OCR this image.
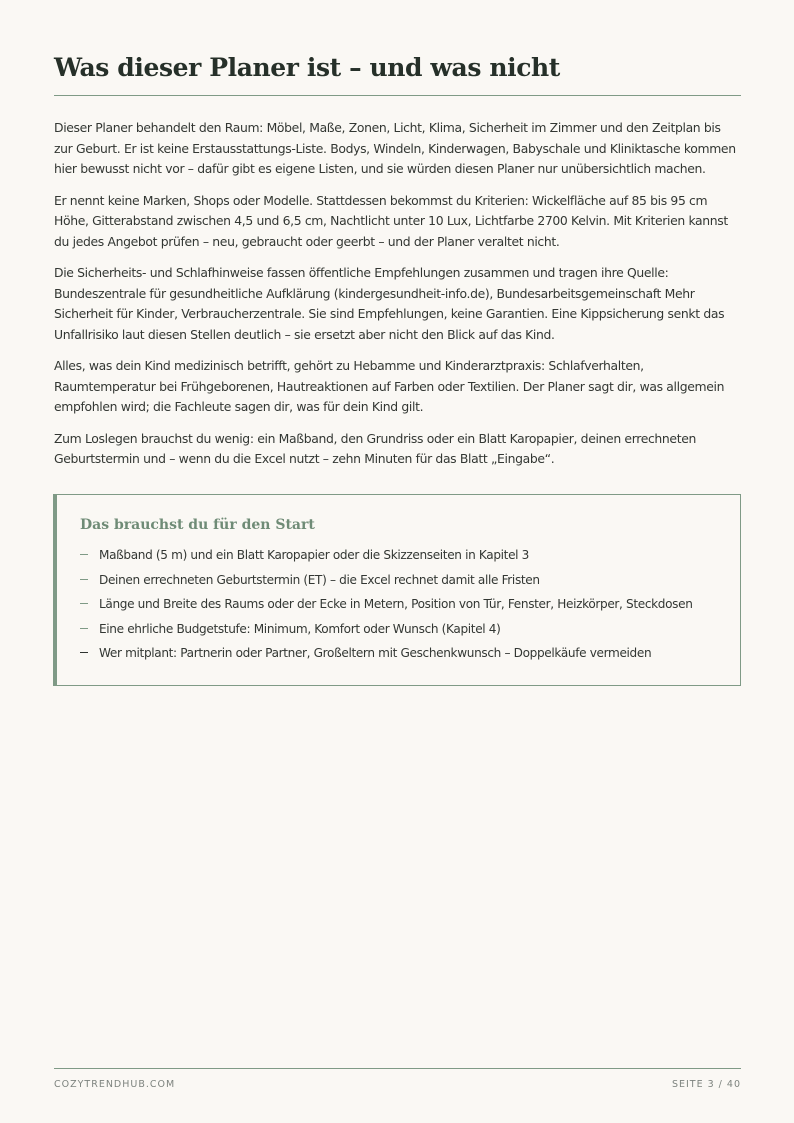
Was dieser Planer ist – und was nicht

Dieser Planer behandelt den Raum: Möbel, Maße, Zonen, Licht, Klima, Sicherheit im Zimmer und den Zeitplan bis zur Geburt. Er ist keine Erstausstattungs-Liste. Bodys, Windeln, Kinderwagen, Babyschale und Kliniktasche kommen hier bewusst nicht vor – dafür gibt es eigene Listen, und sie würden diesen Planer nur unübersichtlich machen.

Er nennt keine Marken, Shops oder Modelle. Stattdessen bekommst du Kriterien: Wickelfläche auf 85 bis 95 cm Höhe, Gitterabstand zwischen 4,5 und 6,5 cm, Nachtlicht unter 10 Lux, Lichtfarbe 2700 Kelvin. Mit Kriterien kannst du jedes Angebot prüfen – neu, gebraucht oder geerbt – und der Planer veraltet nicht.

Die Sicherheits- und Schlafhinweise fassen öffentliche Empfehlungen zusammen und tragen ihre Quelle: Bundeszentrale für gesundheitliche Aufklärung (kindergesundheit-info.de), Bundesarbeitsgemeinschaft Mehr Sicherheit für Kinder, Verbraucherzentrale. Sie sind Empfehlungen, keine Garantien. Eine Kippsicherung senkt das Unfallrisiko laut diesen Stellen deutlich – sie ersetzt aber nicht den Blick auf das Kind.

Alles, was dein Kind medizinisch betrifft, gehört zu Hebamme und Kinderarztpraxis: Schlafverhalten, Raumtemperatur bei Frühgeborenen, Hautreaktionen auf Farben oder Textilien. Der Planer sagt dir, was allgemein empfohlen wird; die Fachleute sagen dir, was für dein Kind gilt.

Zum Loslegen brauchst du wenig: ein Maßband, den Grundriss oder ein Blatt Karopapier, deinen errechneten Geburtstermin und – wenn du die Excel nutzt – zehn Minuten für das Blatt „Eingabe“.

Das brauchst du für den Start
Maßband (5 m) und ein Blatt Karopapier oder die Skizzenseiten in Kapitel 3
Deinen errechneten Geburtstermin (ET) – die Excel rechnet damit alle Fristen
Länge und Breite des Raums oder der Ecke in Metern, Position von Tür, Fenster, Heizkörper, Steckdosen
Eine ehrliche Budgetstufe: Minimum, Komfort oder Wunsch (Kapitel 4)
Wer mitplant: Partnerin oder Partner, Großeltern mit Geschenkwunsch – Doppelkäufe vermeiden
COZYTRENDHUB.COM	SEITE 3 / 40
